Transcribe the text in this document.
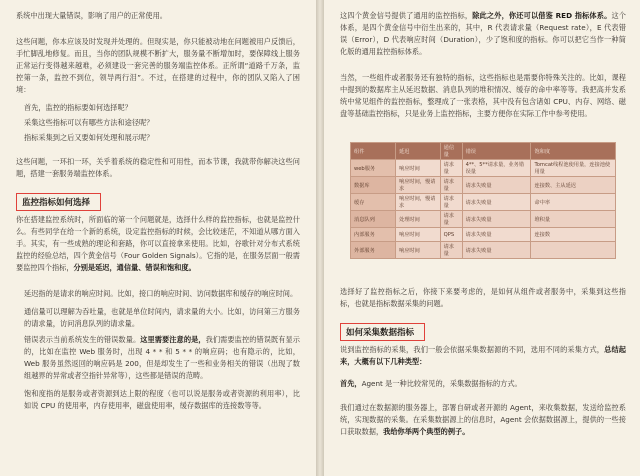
系统中出现大量错误，影响了用户的正常使用。

这些问题，你本应该及时发现并处理的。但现实是，你只能被动地在问题被用户反馈后，手忙脚乱地修复。而且，当你的团队规模不断扩大，服务量不断增加时，要保障线上服务正常运行变得越来越难，必须建设一套完善的服务端监控体系。正所谓“道路千万条，监控第一条，监控不到位，领导两行泪”。不过，在搭建的过程中，你的团队又陷入了困境：

首先，监控的指标要如何选择呢？

采集这些指标可以有哪些方法和途径呢？

指标采集到之后又要如何处理和展示呢？

这些问题，一环扣一环，关乎着系统的稳定性和可用性，而本节课，我就带你解决这些问题，搭建一套服务端监控体系。

监控指标如何选择

你在搭建监控系统时，所面临的第一个问题就是，选择什么样的监控指标，也就是监控什么。有些同学在给一个新的系统，设定监控指标的时候，会比较迷茫，不知道从哪方面入手。其实，有一些成熟的理论和套路，你可以直接拿来使用。比如，谷歌针对分布式系统监控的经验总结，四个黄金信号（Four Golden Signals）。它指的是，在服务层面一般需要监控四个指标，分别是延迟，通信量、错误和饱和度。

延迟指的是请求的响应时间。比如，接口的响应时间、访问数据库和缓存的响应时间。

通信量可以理解为吞吐量，也就是单位时间内，请求量的大小。比如，访问第三方服务的请求量，访问消息队列的请求量。

错误表示当前系统发生的错误数量。这里需要注意的是，我们需要监控的错误既有显示的，比如在监控 Web 服务时，出现 4 * * 和 5 * * 的响应码；也有隐示的，比如，Web 服务虽然返回的响应码是 200，但是却发生了一些和业务相关的错误（出现了数组越界的异常或者空指针异常等），这些都是错误的范畴。

饱和度指的是服务或者资源到达上限的程度（也可以说是服务或者资源的利用率），比如说 CPU 的使用率，内存使用率，磁盘使用率，缓存数据库的连接数等等。

这四个黄金信号提供了通用的监控指标，除此之外，你还可以借鉴 RED 指标体系。这个体系，是四个黄金信号中衍生出来的，其中，R 代表请求量（Request rate），E 代表错误（Error），D 代表响应时间（Duration），少了饱和度的指标。你可以把它当作一种简化版的通用监控指标体系。

当然，一些组件或者服务还有独特的指标，这些指标也是需要你特殊关注的。比如，课程中提到的数据库主从延迟数据、消息队列的堆积情况、缓存的命中率等等。我把高并发系统中常见组件的监控指标，整理成了一张表格，其中没有包含诸如 CPU、内存、网络、磁盘等基础监控指标，只是业务上监控指标，主要方便你在实际工作中参考使用。

组件	延迟	通信量	错误	饱和度
web服务	响应时间	请求量	4**、5**请求量，业务错误量	Tomcat线程池使用量，连接池使用量
数据库	响应时间，慢请求	请求量	请求失败量	连接数、主从延迟
缓存	响应时间，慢请求	请求量	请求失败量	命中率
消息队列	处理时间	请求量	请求失败量	堆积量
内部服务	响应时间	QPS	请求失败量	连接数
外部服务	响应时间	请求量	请求失败量	

选择好了监控指标之后，你接下来要考虑的，是如何从组件或者服务中，采集到这些指标，也就是指标数据采集的问题。

如何采集数据指标

说到监控指标的采集，我们一般会依据采集数据源的不同，选用不同的采集方式，总结起来，大概有以下几种类型：

首先，Agent 是一种比较常见的，采集数据指标的方式。

我们通过在数据源的服务器上，部署自研或者开源的 Agent，来收集数据，发送给监控系统，实现数据的采集。在采集数据源上的信息时，Agent 会依据数据源上，提供的一些接口获取数据，我给你举两个典型的例子。
